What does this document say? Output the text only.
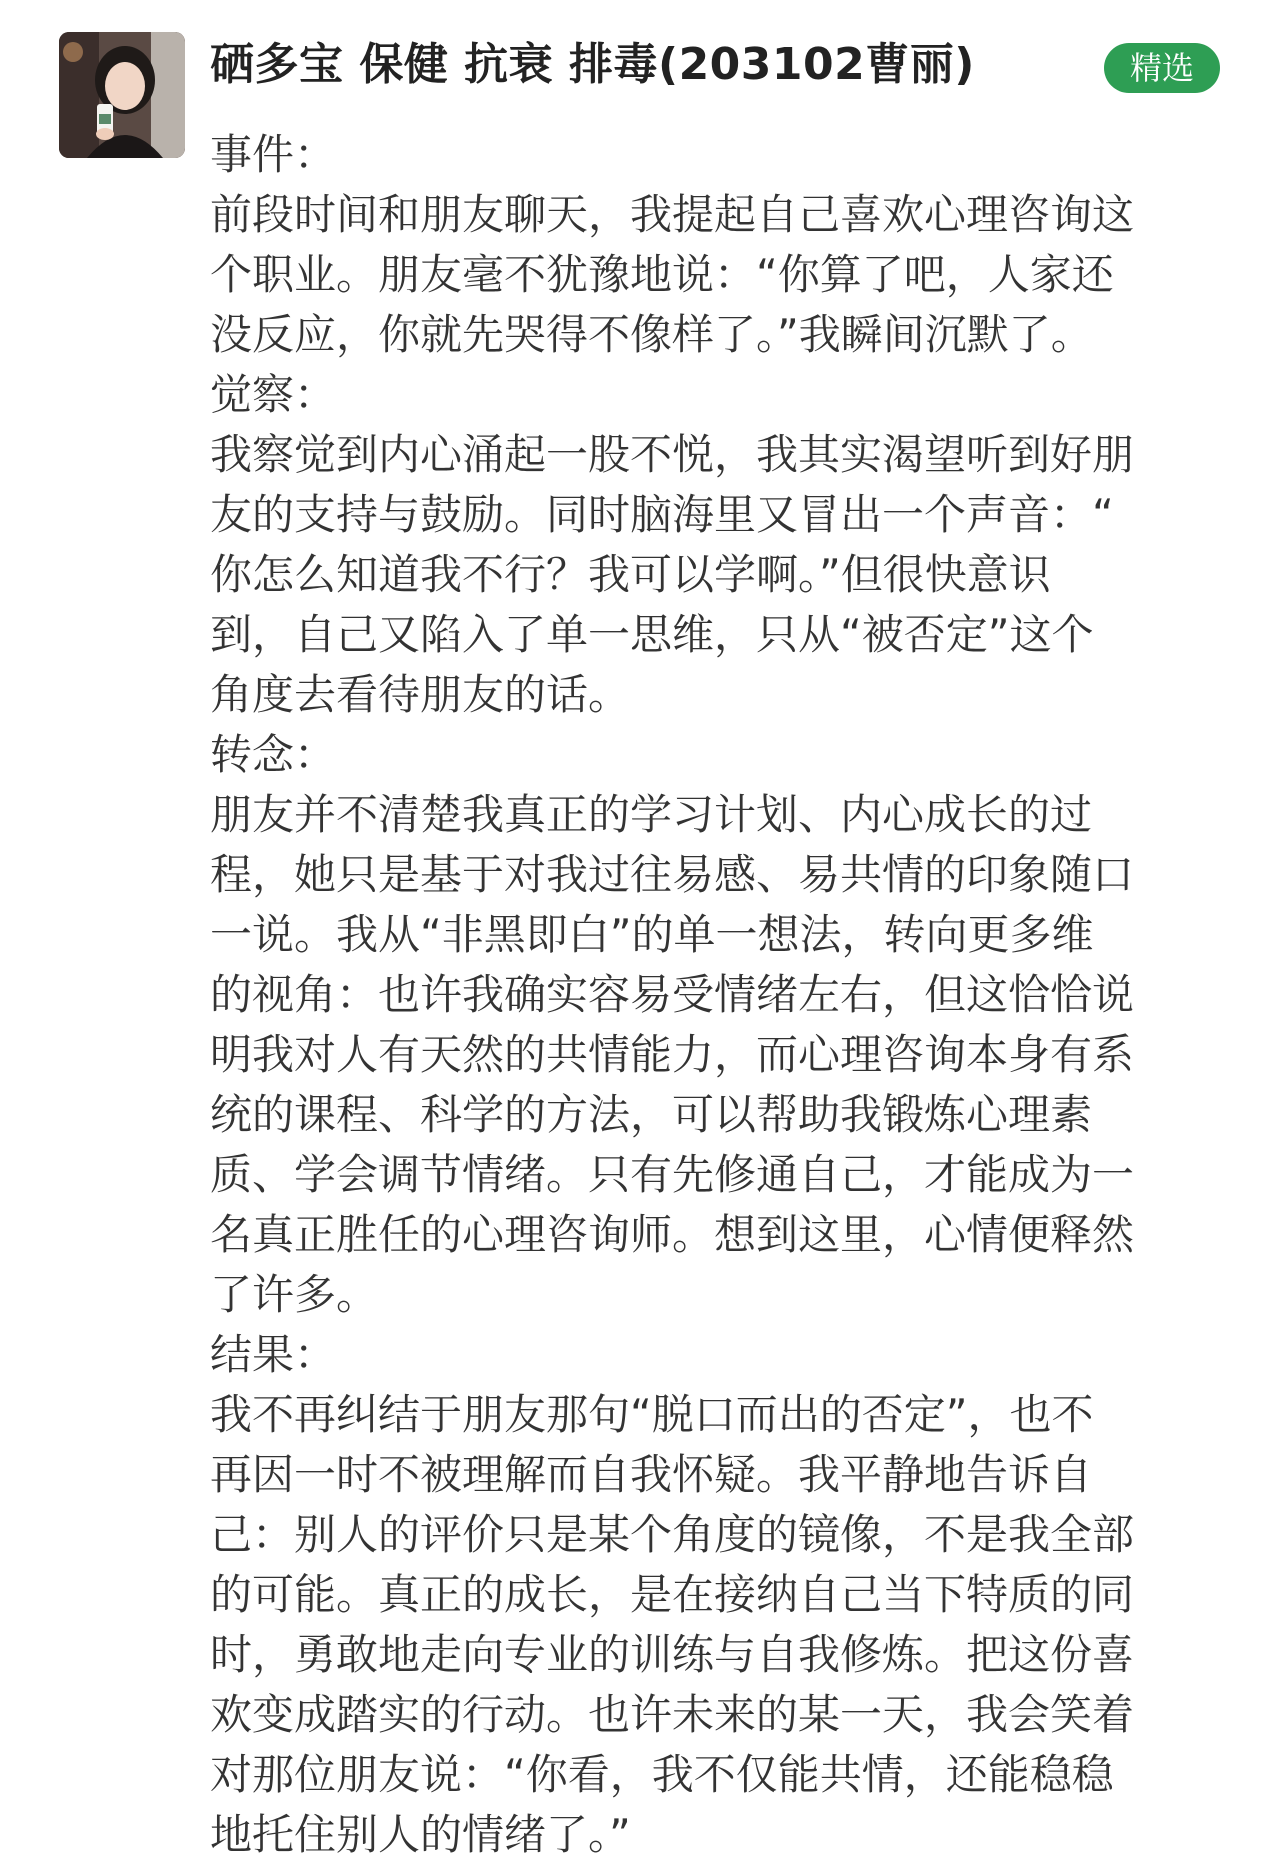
硒多宝 保健 抗衰 排毒(203102曹丽)	精选
事件：
前段时间和朋友聊天，我提起自己喜欢心理咨询这
个职业。朋友毫不犹豫地说：“你算了吧，人家还
没反应，你就先哭得不像样了。”我瞬间沉默了。
觉察：
我察觉到内心涌起一股不悦，我其实渴望听到好朋
友的支持与鼓励。同时脑海里又冒出一个声音：“
你怎么知道我不行？我可以学啊。”但很快意识
到，自己又陷入了单一思维，只从“被否定”这个
角度去看待朋友的话。
转念：
朋友并不清楚我真正的学习计划、内心成长的过
程，她只是基于对我过往易感、易共情的印象随口
一说。我从“非黑即白”的单一想法，转向更多维
的视角：也许我确实容易受情绪左右，但这恰恰说
明我对人有天然的共情能力，而心理咨询本身有系
统的课程、科学的方法，可以帮助我锻炼心理素
质、学会调节情绪。只有先修通自己，才能成为一
名真正胜任的心理咨询师。想到这里，心情便释然
了许多。
结果：
我不再纠结于朋友那句“脱口而出的否定”，也不
再因一时不被理解而自我怀疑。我平静地告诉自
己：别人的评价只是某个角度的镜像，不是我全部
的可能。真正的成长，是在接纳自己当下特质的同
时，勇敢地走向专业的训练与自我修炼。把这份喜
欢变成踏实的行动。也许未来的某一天，我会笑着
对那位朋友说：“你看，我不仅能共情，还能稳稳
地托住别人的情绪了。”
